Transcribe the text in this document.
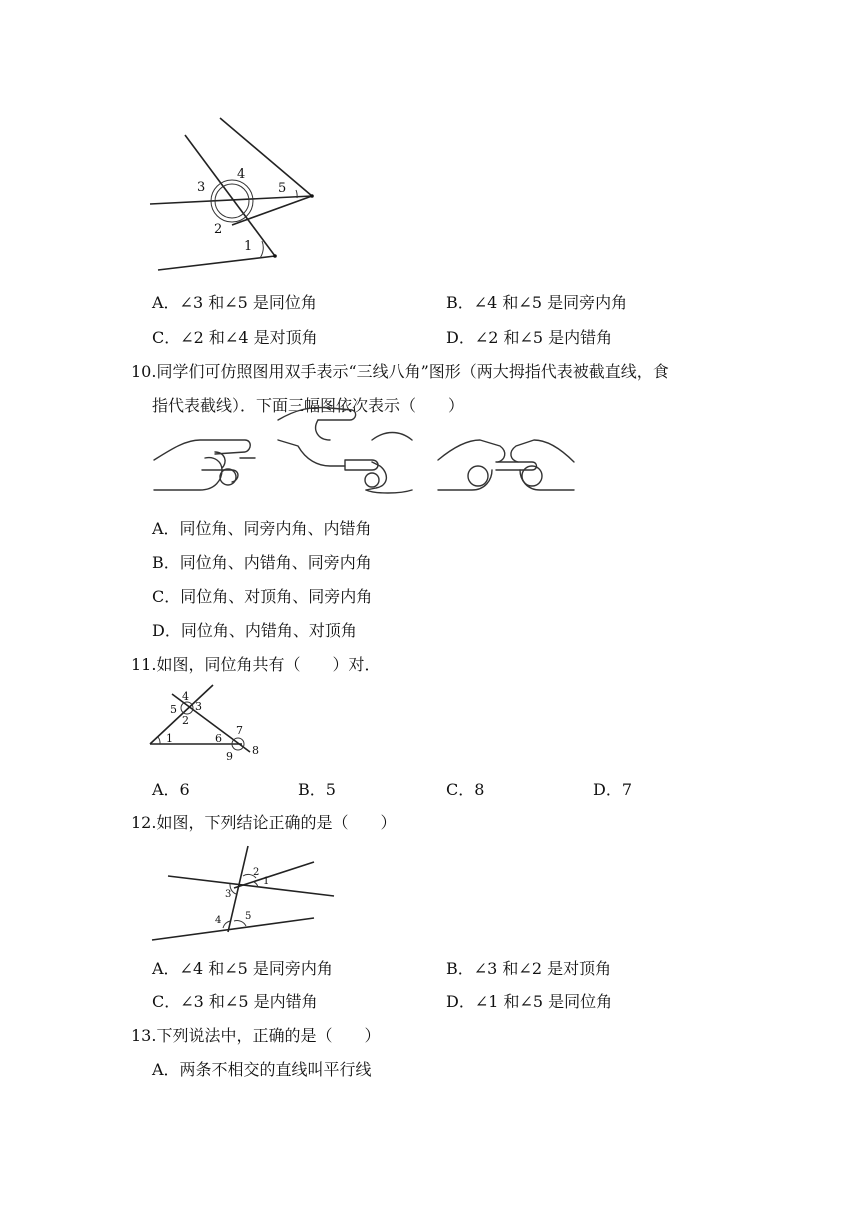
3
4
5
2
1
A．∠3 和∠5 是同位角	B．∠4 和∠5 是同旁内角
C．∠2 和∠4 是对顶角	D．∠2 和∠5 是内错角
10.同学们可仿照图用双手表示“三线八角”图形（两大拇指代表被截直线，食
指代表截线）．下面三幅图依次表示（　　）
A．同位角、同旁内角、内错角
B．同位角、内错角、同旁内角
C．同位角、对顶角、同旁内角
D．同位角、内错角、对顶角
11.如图，同位角共有（　　）对．
4
5 3
2
1	6
7
8
9
A．6	B．5	C．8	D．7
12.如图，下列结论正确的是（　　）
2
1
3
4 5
A．∠4 和∠5 是同旁内角	B．∠3 和∠2 是对顶角
C．∠3 和∠5 是内错角	D．∠1 和∠5 是同位角
13.下列说法中，正确的是（　　）
A．两条不相交的直线叫平行线
